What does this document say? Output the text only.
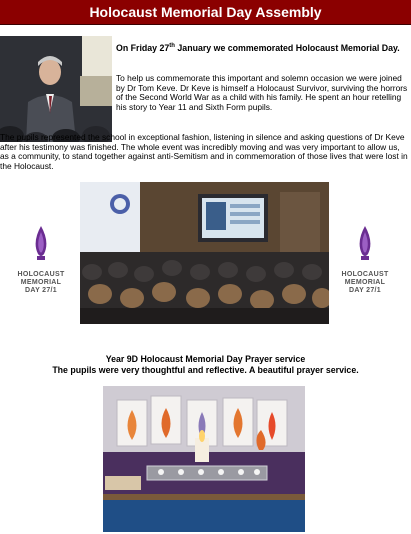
Holocaust Memorial Day Assembly
On Friday 27th January we commemorated Holocaust Memorial Day.
To help us commemorate this important and solemn occasion we were joined by Dr Tom Keve. Dr Keve is himself a Holocaust Survivor, surviving the horrors of the Second World War as a child with his family. He spent an hour retelling his story to Year 11 and Sixth Form pupils.
The pupils represented the school in exceptional fashion, listening in silence and asking questions of Dr Keve after his testimony was finished. The whole event was incredibly moving and was very important to allow us, as a community, to stand together against anti-Semitism and in commemoration of those lives that were lost in the Holocaust.
HOLOCAUST
MEMORIAL
DAY 27/1
HOLOCAUST
MEMORIAL
DAY 27/1
Year 9D Holocaust Memorial Day Prayer service
The pupils were very thoughtful and reflective. A beautiful prayer service.
